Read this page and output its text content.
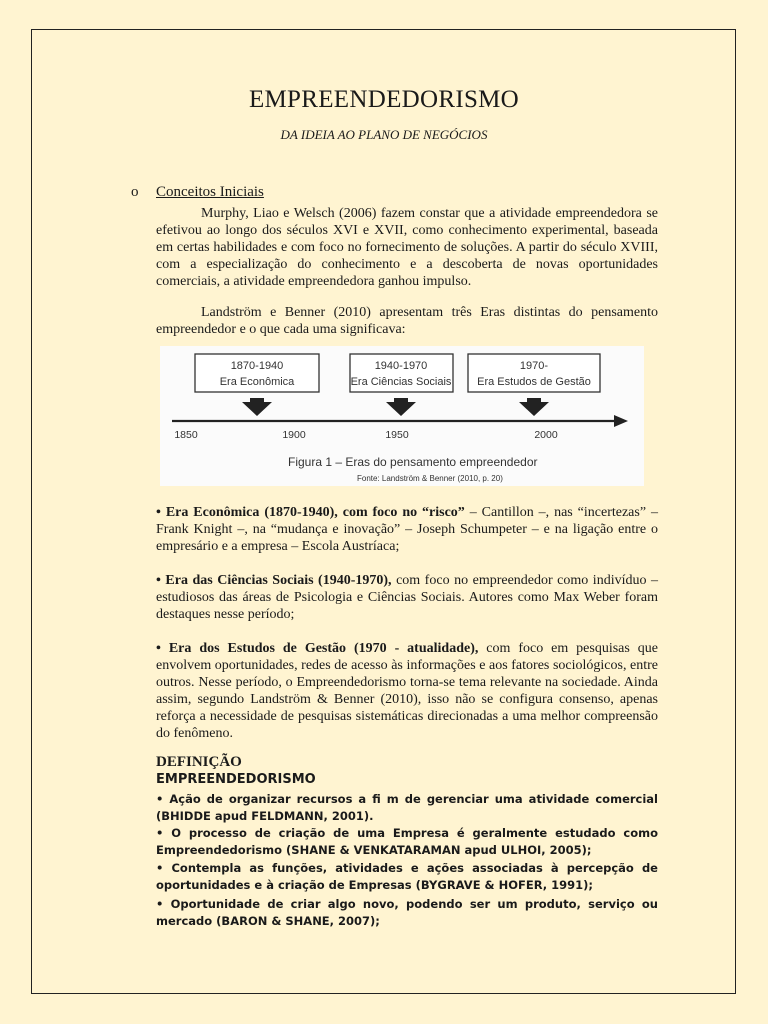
EMPREENDEDORISMO
DA IDEIA AO PLANO DE NEGÓCIOS
o Conceitos Iniciais

Murphy, Liao e Welsch (2006) fazem constar que a atividade empreendedora se efetivou ao longo dos séculos XVI e XVII, como conhecimento experimental, baseada em certas habilidades e com foco no fornecimento de soluções. A partir do século XVIII, com a especialização do conhecimento e a descoberta de novas oportunidades comerciais, a atividade empreendedora ganhou impulso.

Landström e Benner (2010) apresentam três Eras distintas do pensamento empreendedor e o que cada uma significava:

1870-1940
Era Econômica
1940-1970
Era Ciências Sociais
1970-
Era Estudos de Gestão
1850	1900	1950	2000
Figura 1 – Eras do pensamento empreendedor
Fonte: Landström & Benner (2010, p. 20)

• Era Econômica (1870-1940), com foco no “risco” – Cantillon –, nas “incertezas” – Frank Knight –, na “mudança e inovação” – Joseph Schumpeter – e na ligação entre o empresário e a empresa – Escola Austríaca;

• Era das Ciências Sociais (1940-1970), com foco no empreendedor como indivíduo – estudiosos das áreas de Psicologia e Ciências Sociais. Autores como Max Weber foram destaques nesse período;

• Era dos Estudos de Gestão (1970 - atualidade), com foco em pesquisas que envolvem oportunidades, redes de acesso às informações e aos fatores sociológicos, entre outros. Nesse período, o Empreendedorismo torna-se tema relevante na sociedade. Ainda assim, segundo Landström & Benner (2010), isso não se configura consenso, apenas reforça a necessidade de pesquisas sistemáticas direcionadas a uma melhor compreensão do fenômeno.

DEFINIÇÃO
EMPREENDEDORISMO

• Ação de organizar recursos a fi m de gerenciar uma atividade comercial (BHIDDE apud FELDMANN, 2001).

• O processo de criação de uma Empresa é geralmente estudado como Empreendedorismo (SHANE & VENKATARAMAN apud ULHOI, 2005);

• Contempla as funções, atividades e ações associadas à percepção de oportunidades e à criação de Empresas (BYGRAVE & HOFER, 1991);

• Oportunidade de criar algo novo, podendo ser um produto, serviço ou mercado (BARON & SHANE, 2007);
